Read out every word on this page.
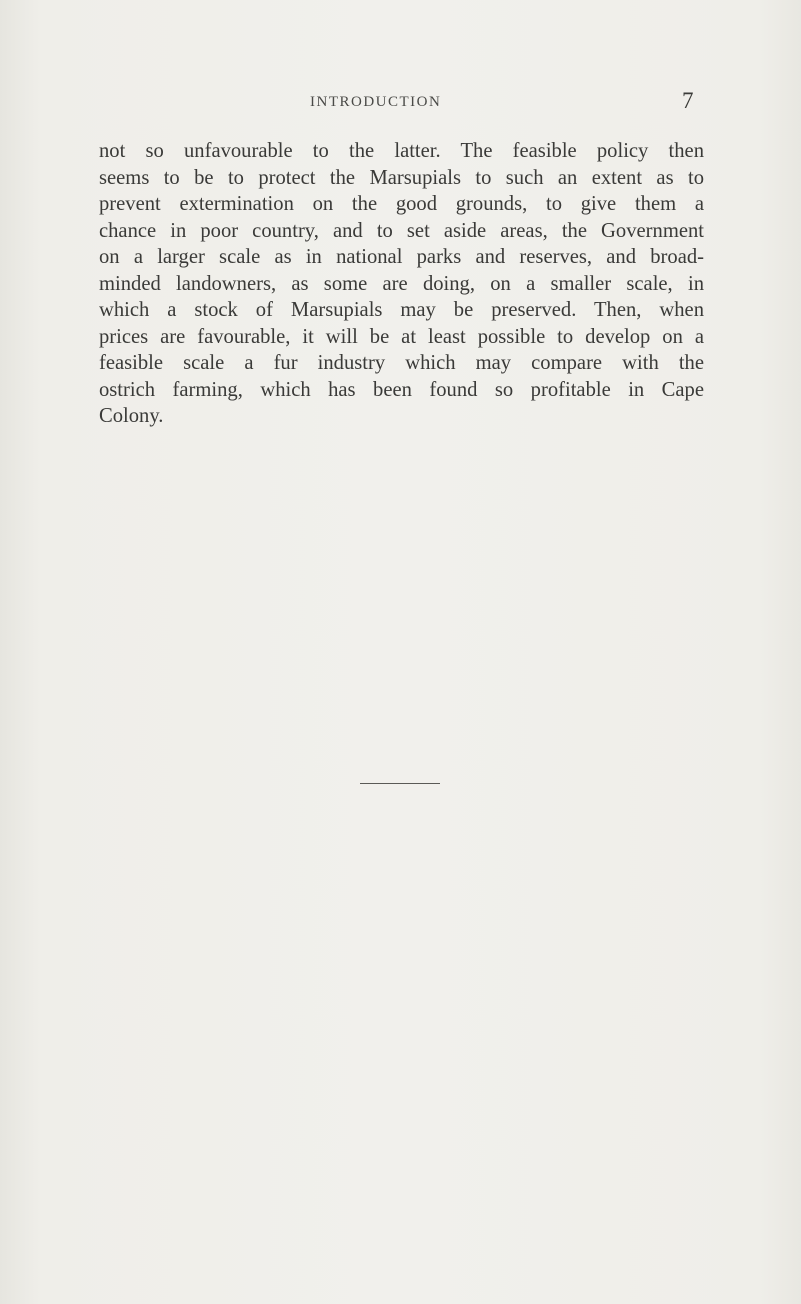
INTRODUCTION	7
not so unfavourable to the latter. The feasible policy then
seems to be to protect the Marsupials to such an extent as to
prevent extermination on the good grounds, to give them a
chance in poor country, and to set aside areas, the Government
on a larger scale as in national parks and reserves, and broad-
minded landowners, as some are doing, on a smaller scale, in
which a stock of Marsupials may be preserved. Then, when
prices are favourable, it will be at least possible to develop on a
feasible scale a fur industry which may compare with the
ostrich farming, which has been found so profitable in Cape
Colony.
